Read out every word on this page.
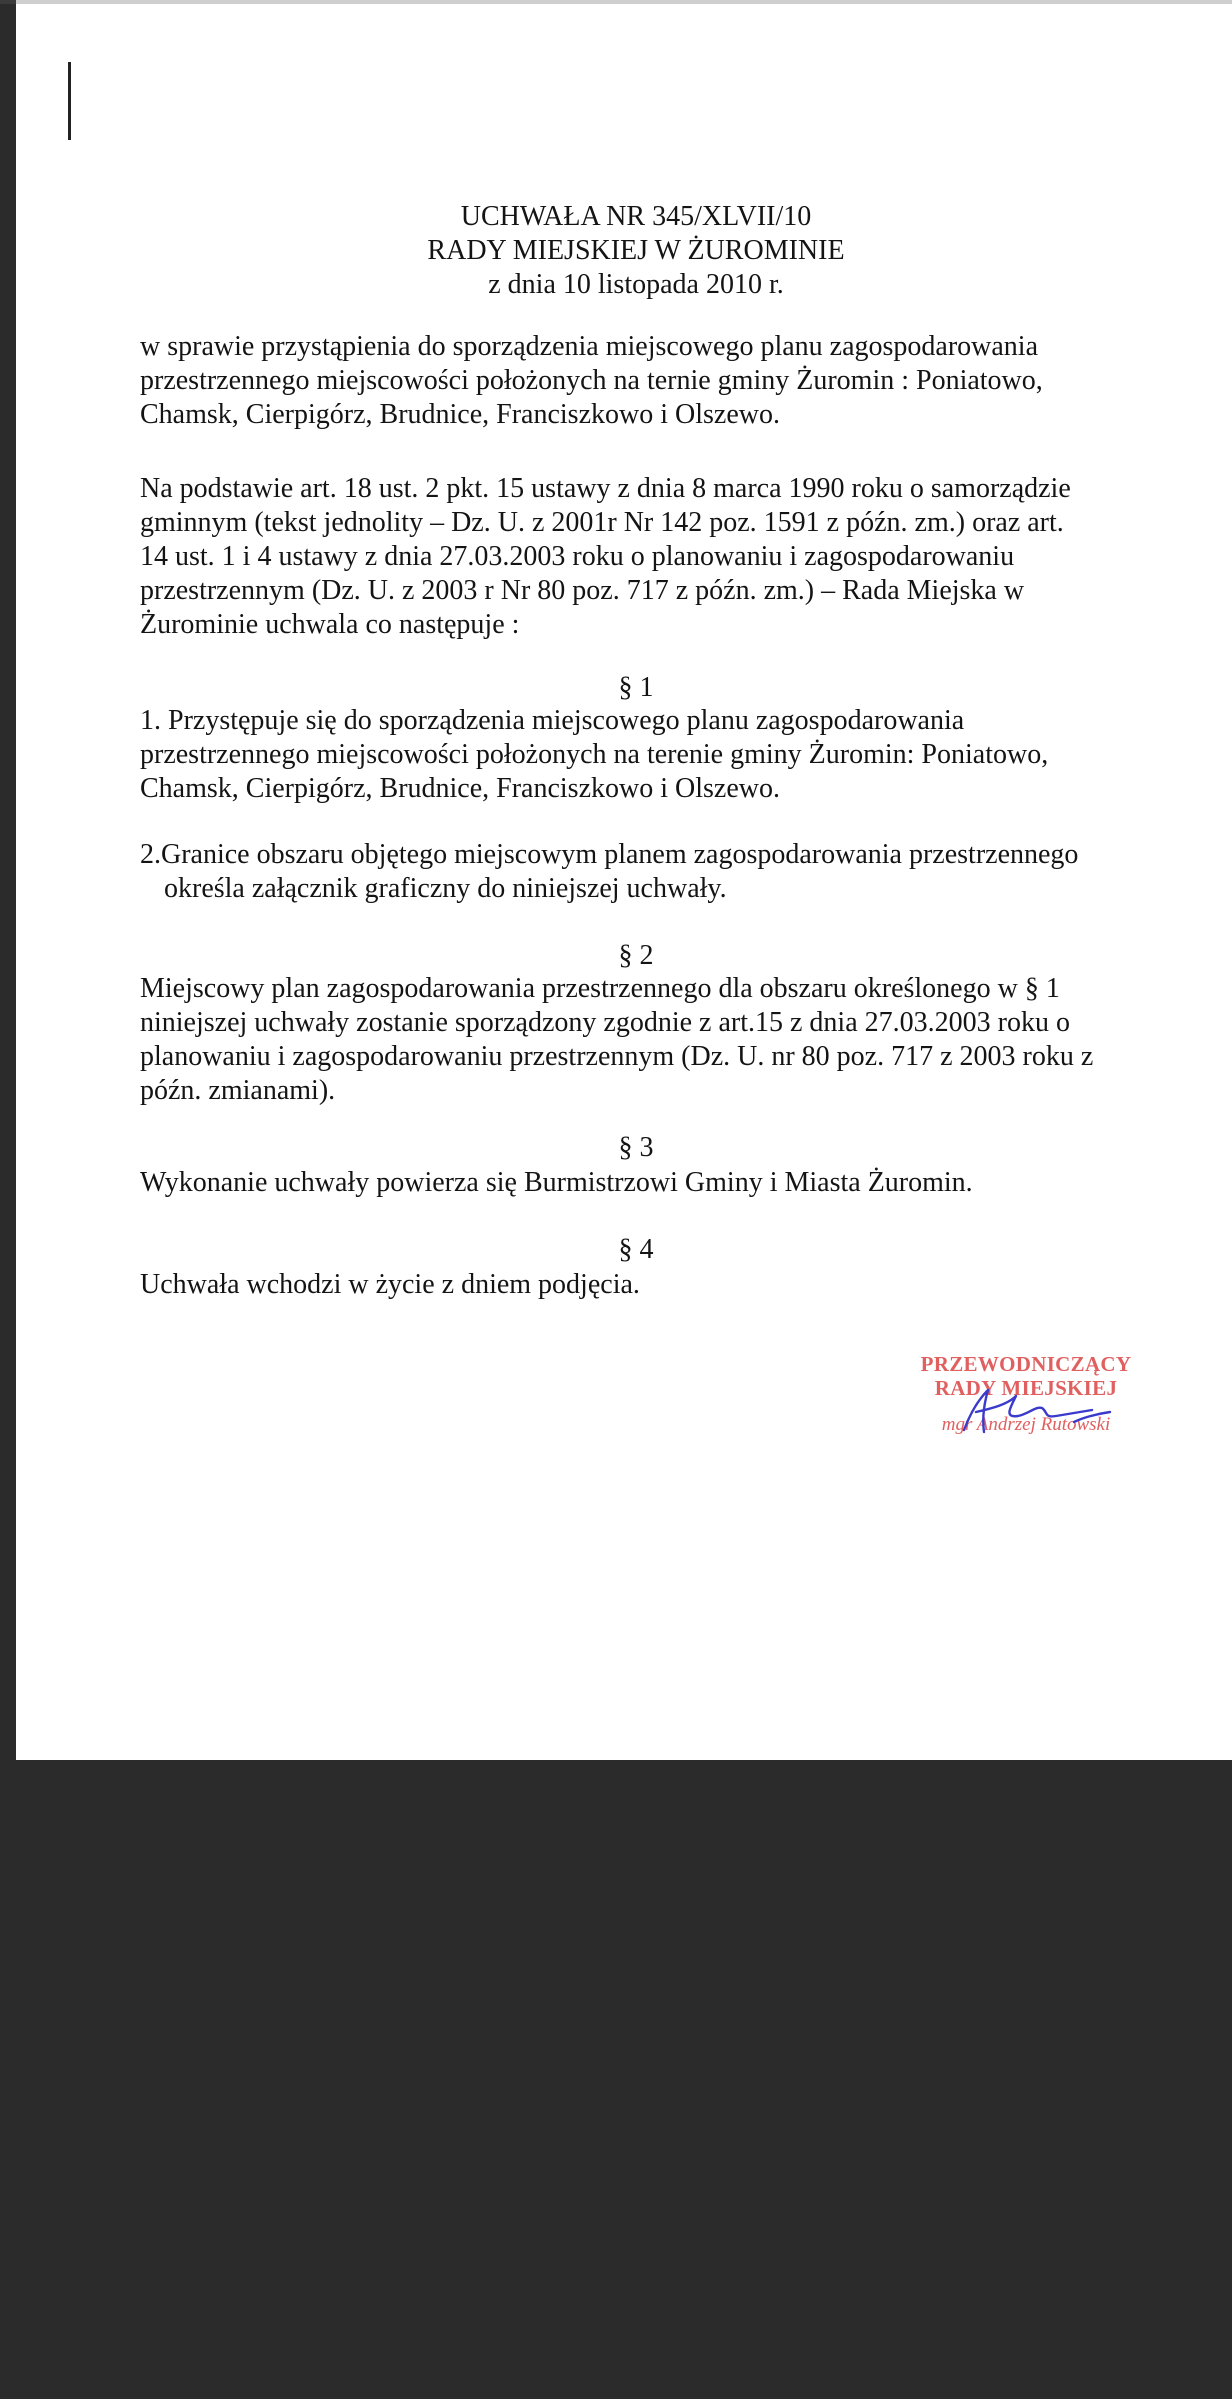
UCHWAŁA NR 345/XLVII/10
RADY MIEJSKIEJ W ŻUROMINIE
z dnia 10 listopada 2010 r.

w sprawie przystąpienia do sporządzenia miejscowego planu zagospodarowania

przestrzennego miejscowości położonych na ternie gminy Żuromin : Poniatowo,

Chamsk, Cierpigórz, Brudnice, Franciszkowo i Olszewo.

Na podstawie art. 18 ust. 2 pkt. 15 ustawy z dnia 8 marca 1990 roku o samorządzie

gminnym (tekst jednolity – Dz. U. z 2001r Nr 142 poz. 1591 z późn. zm.) oraz art.

14 ust. 1 i 4 ustawy z dnia 27.03.2003 roku o planowaniu i zagospodarowaniu

przestrzennym (Dz. U. z 2003 r Nr 80 poz. 717 z późn. zm.) – Rada Miejska w

Żurominie uchwala co następuje :

§ 1

1. Przystępuje się do sporządzenia miejscowego planu zagospodarowania

przestrzennego miejscowości położonych na terenie gminy Żuromin: Poniatowo,

Chamsk, Cierpigórz, Brudnice, Franciszkowo i Olszewo.

2.Granice obszaru objętego miejscowym planem zagospodarowania przestrzennego

określa załącznik graficzny do niniejszej uchwały.

§ 2

Miejscowy plan zagospodarowania przestrzennego dla obszaru określonego w § 1

niniejszej uchwały zostanie sporządzony zgodnie z art.15 z dnia 27.03.2003 roku o

planowaniu i zagospodarowaniu przestrzennym (Dz. U. nr 80 poz. 717 z 2003 roku z

późn. zmianami).

§ 3

Wykonanie uchwały powierza się Burmistrzowi Gminy i Miasta Żuromin.

§ 4

Uchwała wchodzi w życie z dniem podjęcia.

PRZEWODNICZĄCY
RADY MIEJSKIEJ
mgr Andrzej Rutowski
